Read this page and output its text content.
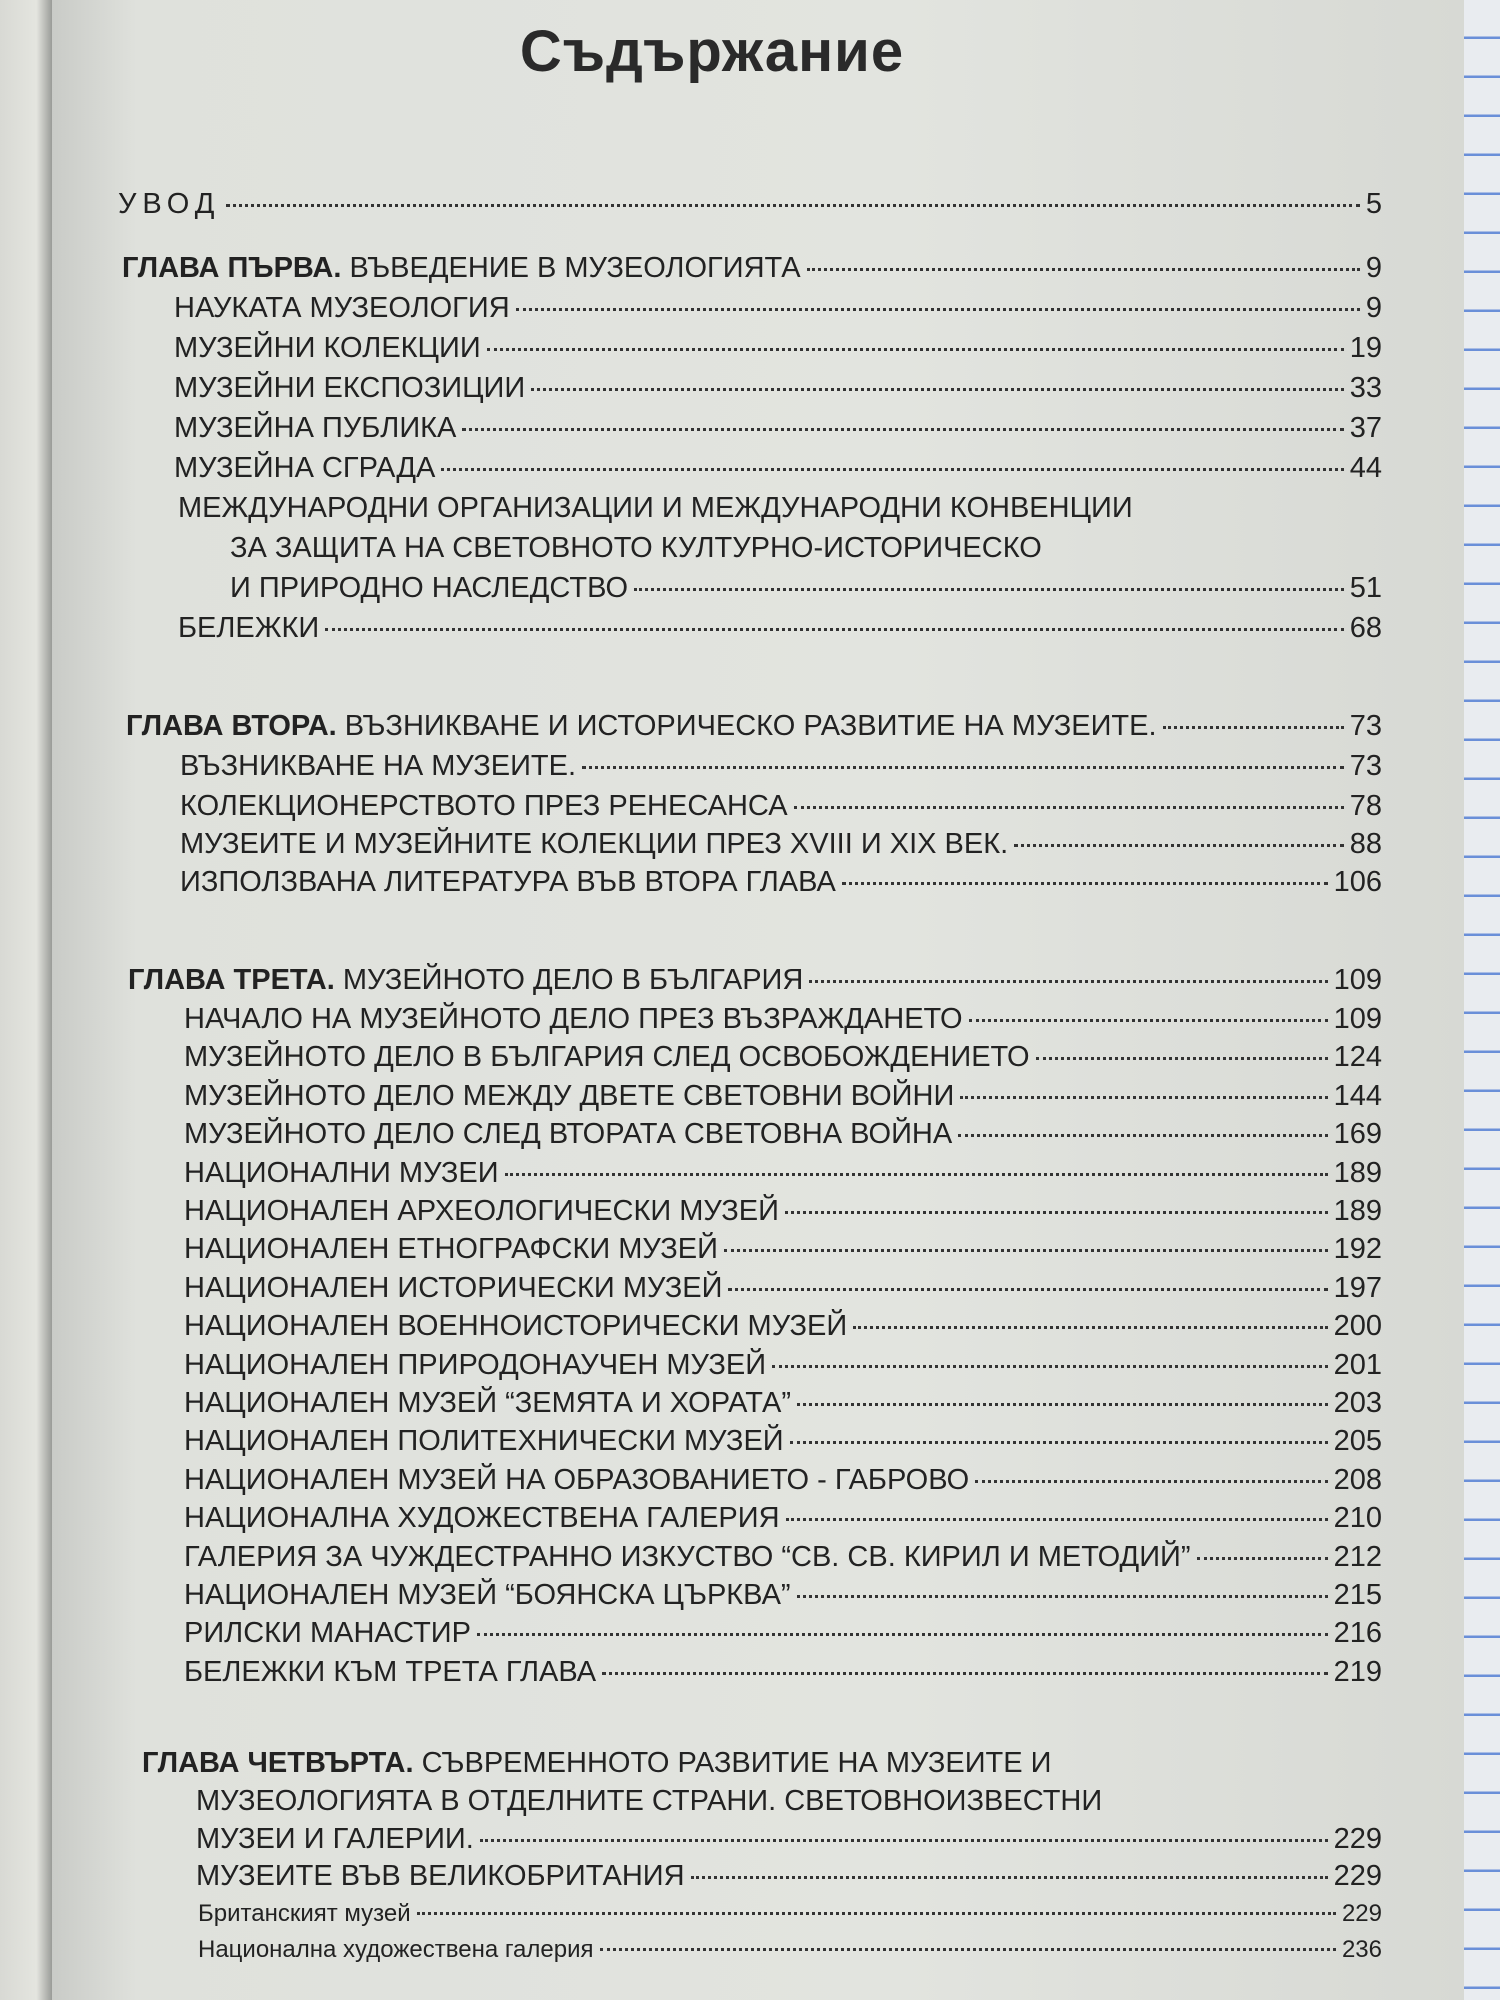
Съдържание
УВОД	5
ГЛАВА ПЪРВА. ВЪВЕДЕНИЕ В МУЗЕОЛОГИЯТА	9
НАУКАТА МУЗЕОЛОГИЯ	9
МУЗЕЙНИ КОЛЕКЦИИ	19
МУЗЕЙНИ ЕКСПОЗИЦИИ	33
МУЗЕЙНА ПУБЛИКА	37
МУЗЕЙНА СГРАДА	44
МЕЖДУНАРОДНИ ОРГАНИЗАЦИИ И МЕЖДУНАРОДНИ КОНВЕНЦИИ
ЗА ЗАЩИТА НА СВЕТОВНОТО КУЛТУРНО-ИСТОРИЧЕСКО
И ПРИРОДНО НАСЛЕДСТВО	51
БЕЛЕЖКИ	68
ГЛАВА ВТОРА. ВЪЗНИКВАНЕ И ИСТОРИЧЕСКО РАЗВИТИЕ НА МУЗЕИТЕ.	73
ВЪЗНИКВАНЕ НА МУЗЕИТЕ.	73
КОЛЕКЦИОНЕРСТВОТО ПРЕЗ РЕНЕСАНСА	78
МУЗЕИТЕ И МУЗЕЙНИТЕ КОЛЕКЦИИ ПРЕЗ XVIII И XIX ВЕК.	88
ИЗПОЛЗВАНА ЛИТЕРАТУРА ВЪВ ВТОРА ГЛАВА	106
ГЛАВА ТРЕТА. МУЗЕЙНОТО ДЕЛО В БЪЛГАРИЯ	109
НАЧАЛО НА МУЗЕЙНОТО ДЕЛО ПРЕЗ ВЪЗРАЖДАНЕТО	109
МУЗЕЙНОТО ДЕЛО В БЪЛГАРИЯ СЛЕД ОСВОБОЖДЕНИЕТО	124
МУЗЕЙНОТО ДЕЛО МЕЖДУ ДВЕТЕ СВЕТОВНИ ВОЙНИ	144
МУЗЕЙНОТО ДЕЛО СЛЕД ВТОРАТА СВЕТОВНА ВОЙНА	169
НАЦИОНАЛНИ МУЗЕИ	189
НАЦИОНАЛЕН АРХЕОЛОГИЧЕСКИ МУЗЕЙ	189
НАЦИОНАЛЕН ЕТНОГРАФСКИ МУЗЕЙ	192
НАЦИОНАЛЕН ИСТОРИЧЕСКИ МУЗЕЙ	197
НАЦИОНАЛЕН ВОЕННОИСТОРИЧЕСКИ МУЗЕЙ	200
НАЦИОНАЛЕН ПРИРОДОНАУЧЕН МУЗЕЙ	201
НАЦИОНАЛЕН МУЗЕЙ “ЗЕМЯТА И ХОРАТА”	203
НАЦИОНАЛЕН ПОЛИТЕХНИЧЕСКИ МУЗЕЙ	205
НАЦИОНАЛЕН МУЗЕЙ НА ОБРАЗОВАНИЕТО - ГАБРОВО	208
НАЦИОНАЛНА ХУДОЖЕСТВЕНА ГАЛЕРИЯ	210
ГАЛЕРИЯ ЗА ЧУЖДЕСТРАННО ИЗКУСТВО “СВ. СВ. КИРИЛ И МЕТОДИЙ”	212
НАЦИОНАЛЕН МУЗЕЙ “БОЯНСКА ЦЪРКВА”	215
РИЛСКИ МАНАСТИР	216
БЕЛЕЖКИ КЪМ ТРЕТА ГЛАВА	219
ГЛАВА ЧЕТВЪРТА. СЪВРЕМЕННОТО РАЗВИТИЕ НА МУЗЕИТЕ И
МУЗЕОЛОГИЯТА В ОТДЕЛНИТЕ СТРАНИ. СВЕТОВНОИЗВЕСТНИ
МУЗЕИ И ГАЛЕРИИ.	229
МУЗЕИТЕ ВЪВ ВЕЛИКОБРИТАНИЯ	229
Британският музей	229
Национална художествена галерия	236
